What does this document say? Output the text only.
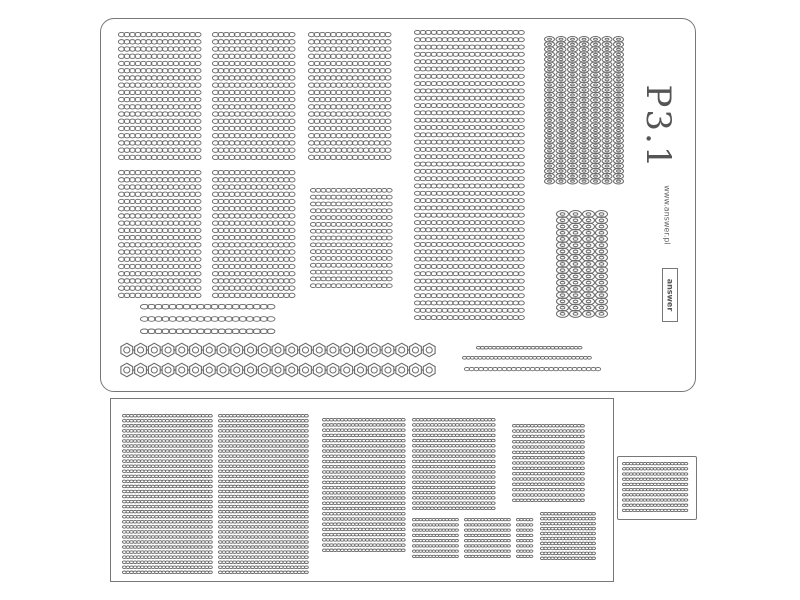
P3.1
www.answer.pl
answer
